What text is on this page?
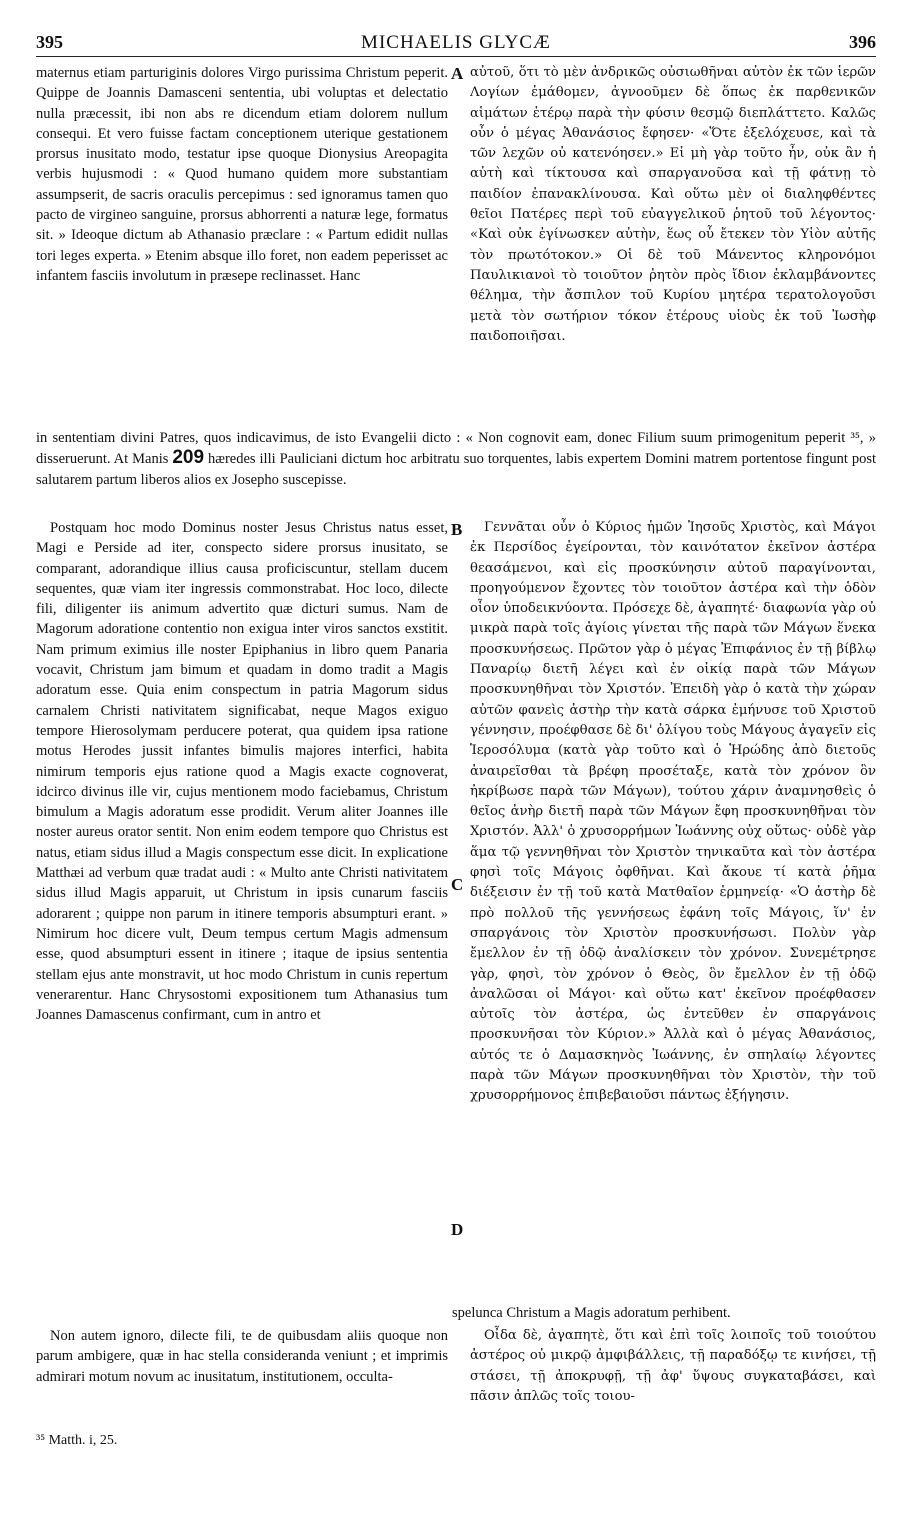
395	MICHAELIS GLYCÆ	396

maternus etiam parturiginis dolores Virgo purissima Christum peperit. Quippe de Joannis Damasceni sententia, ubi voluptas et delectatio nulla præcessit, ibi non abs re dicendum etiam dolorem nullum consequi. Et vero fuisse factam conceptionem uterique gestationem prorsus inusitato modo, testatur ipse quoque Dionysius Areopagita verbis hujusmodi : « Quod humano quidem more substantiam assumpserit, de sacris oraculis percepimus : sed ignoramus tamen quo pacto de virgineo sanguine, prorsus abhorrenti a naturæ lege, formatus sit. » Ideoque dictum ab Athanasio præclare : « Partum edidit nullas tori leges experta. » Etenim absque illo foret, non eadem peperisset ac infantem fasciis involutum in præsepe reclinasset. Hanc

A αὐτοῦ, ὅτι τὸ μὲν ἀνδρικῶς οὐσιωθῆναι αὐτὸν ἐκ τῶν ἱερῶν Λογίων ἐμάθομεν, ἀγνοοῦμεν δὲ ὅπως ἐκ παρθενικῶν αἱμάτων ἑτέρῳ παρὰ τὴν φύσιν θεσμῷ διεπλάττετο. Καλῶς οὖν ὁ μέγας Ἀθανάσιος ἔφησεν· «Ὅτε ἐξελόχευσε, καὶ τὰ τῶν λεχῶν οὐ κατενόησεν.» Εἰ μὴ γὰρ τοῦτο ἦν, οὐκ ἂν ἡ αὐτὴ καὶ τίκτουσα καὶ σπαργανοῦσα καὶ τῇ φάτνῃ τὸ παιδίον ἐπανακλίνουσα. Καὶ οὕτω μὲν οἱ διαληφθέντες θεῖοι Πατέρες περὶ τοῦ εὐαγγελικοῦ ῥητοῦ τοῦ λέγοντος· «Καὶ οὐκ ἐγίνωσκεν αὐτὴν, ἕως οὗ ἔτεκεν τὸν Υἱὸν αὐτῆς τὸν πρωτότοκον.» Οἱ δὲ τοῦ Μάνεντος κληρονόμοι Παυλικιανοὶ τὸ τοιοῦτον ῥητὸν πρὸς ἴδιον ἐκλαμβάνοντες θέλημα, τὴν ἄσπιλον τοῦ Κυρίου μητέρα τερατολογοῦσι μετὰ τὸν σωτήριον τόκον ἑτέρους υἱοὺς ἐκ τοῦ Ἰωσὴφ παιδοποιῆσαι.

in sententiam divini Patres, quos indicavimus, de isto Evangelii dicto : « Non cognovit eam, donec Filium suum primogenitum peperit ³⁵, » disseruerunt. At Manis 209 hæredes illi Pauliciani dictum hoc arbitratu suo torquentes, labis expertem Domini matrem portentose fingunt post salutarem partum liberos alios ex Josepho suscepisse.

Postquam hoc modo Dominus noster Jesus Christus natus esset, Magi e Perside ad iter, conspecto sidere prorsus inusitato, se comparant, adorandique illius causa proficiscuntur, stellam ducem sequentes, quæ viam iter ingressis commonstrabat. Hoc loco, dilecte fili, diligenter iis animum advertito quæ dicturi sumus. Nam de Magorum adoratione contentio non exigua inter viros sanctos exstitit. Nam primum eximius ille noster Epiphanius in libro quem Panaria vocavit, Christum jam bimum et quadam in domo tradit a Magis adoratum esse. Quia enim conspectum in patria Magorum sidus carnalem Christi nativitatem significabat, neque Magos exiguo tempore Hierosolymam perducere poterat, qua quidem ipsa ratione motus Herodes jussit infantes bimulis majores interfici, habita nimirum temporis ejus ratione quod a Magis exacte cognoverat, idcirco divinus ille vir, cujus mentionem modo faciebamus, Christum bimulum a Magis adoratum esse prodidit. Verum aliter Joannes ille noster aureus orator sentit. Non enim eodem tempore quo Christus est natus, etiam sidus illud a Magis conspectum esse dicit. In explicatione Matthæi ad verbum quæ tradat audi : « Multo ante Christi nativitatem sidus illud Magis apparuit, ut Christum in ipsis cunarum fasciis adorarent ; quippe non parum in itinere temporis absumpturi erant. » Nimirum hoc dicere vult, Deum tempus certum Magis admensum esse, quod absumpturi essent in itinere ; itaque de ipsius sententia stellam ejus ante monstravit, ut hoc modo Christum in cunis repertum venerarentur. Hanc Chrysostomi expositionem tum Athanasius tum Joannes Damascenus confirmant, cum in antro et

B
C
D

Γεννᾶται οὖν ὁ Κύριος ἡμῶν Ἰησοῦς Χριστὸς, καὶ Μάγοι ἐκ Περσίδος ἐγείρονται, τὸν καινότατον ἐκεῖνον ἀστέρα θεασάμενοι, καὶ εἰς προσκύνησιν αὐτοῦ παραγίνονται, προηγούμενον ἔχοντες τὸν τοιοῦτον ἀστέρα καὶ τὴν ὁδὸν οἷον ὑποδεικνύοντα. Πρόσεχε δὲ, ἀγαπητέ· διαφωνία γὰρ οὐ μικρὰ παρὰ τοῖς ἁγίοις γίνεται τῆς παρὰ τῶν Μάγων ἕνεκα προσκυνήσεως. Πρῶτον γὰρ ὁ μέγας Ἐπιφάνιος ἐν τῇ βίβλῳ Παναρίῳ διετῆ λέγει καὶ ἐν οἰκίᾳ παρὰ τῶν Μάγων προσκυνηθῆναι τὸν Χριστόν. Ἐπειδὴ γὰρ ὁ κατὰ τὴν χώραν αὐτῶν φανεὶς ἀστὴρ τὴν κατὰ σάρκα ἐμήνυσε τοῦ Χριστοῦ γέννησιν, προέφθασε δὲ δι' ὀλίγου τοὺς Μάγους ἀγαγεῖν εἰς Ἱεροσόλυμα (κατὰ γὰρ τοῦτο καὶ ὁ Ἡρώδης ἀπὸ διετοῦς ἀναιρεῖσθαι τὰ βρέφη προσέταξε, κατὰ τὸν χρόνον ὃν ἠκρίβωσε παρὰ τῶν Μάγων), τούτου χάριν ἀναμνησθεὶς ὁ θεῖος ἀνὴρ διετῆ παρὰ τῶν Μάγων ἔφη προσκυνηθῆναι τὸν Χριστόν. Ἀλλ' ὁ χρυσορρήμων Ἰωάννης οὐχ οὕτως· οὐδὲ γὰρ ἅμα τῷ γεννηθῆναι τὸν Χριστὸν τηνικαῦτα καὶ τὸν ἀστέρα φησὶ τοῖς Μάγοις ὀφθῆναι. Καὶ ἄκουε τί κατὰ ῥῆμα διέξεισιν ἐν τῇ τοῦ κατὰ Ματθαῖον ἑρμηνείᾳ· «Ὁ ἀστὴρ δὲ πρὸ πολλοῦ τῆς γεννήσεως ἐφάνη τοῖς Μάγοις, ἵν' ἐν σπαργάνοις τὸν Χριστὸν προσκυνήσωσι. Πολὺν γὰρ ἔμελλον ἐν τῇ ὁδῷ ἀναλίσκειν τὸν χρόνον. Συνεμέτρησε γὰρ, φησὶ, τὸν χρόνον ὁ Θεὸς, ὃν ἔμελλον ἐν τῇ ὁδῷ ἀναλῶσαι οἱ Μάγοι· καὶ οὕτω κατ' ἐκεῖνον προέφθασεν αὐτοῖς τὸν ἀστέρα, ὡς ἐντεῦθεν ἐν σπαργάνοις προσκυνῆσαι τὸν Κύριον.» Ἀλλὰ καὶ ὁ μέγας Ἀθανάσιος, αὐτός τε ὁ Δαμασκηνὸς Ἰωάννης, ἐν σπηλαίῳ λέγοντες παρὰ τῶν Μάγων προσκυνηθῆναι τὸν Χριστὸν, τὴν τοῦ χρυσορρήμονος ἐπιβεβαιοῦσι πάντως ἐξήγησιν.

spelunca Christum a Magis adoratum perhibent.

Non autem ignoro, dilecte fili, te de quibusdam aliis quoque non parum ambigere, quæ in hac stella consideranda veniunt ; et imprimis admirari motum novum ac inusitatum, institutionem, occulta-

Οἶδα δὲ, ἀγαπητὲ, ὅτι καὶ ἐπὶ τοῖς λοιποῖς τοῦ τοιούτου ἀστέρος οὐ μικρῷ ἀμφιβάλλεις, τῇ παραδόξῳ τε κινήσει, τῇ στάσει, τῇ ἀποκρυφῇ, τῇ ἀφ' ὕψους συγκαταβάσει, καὶ πᾶσιν ἁπλῶς τοῖς τοιου-

³⁵ Matth. i, 25.
